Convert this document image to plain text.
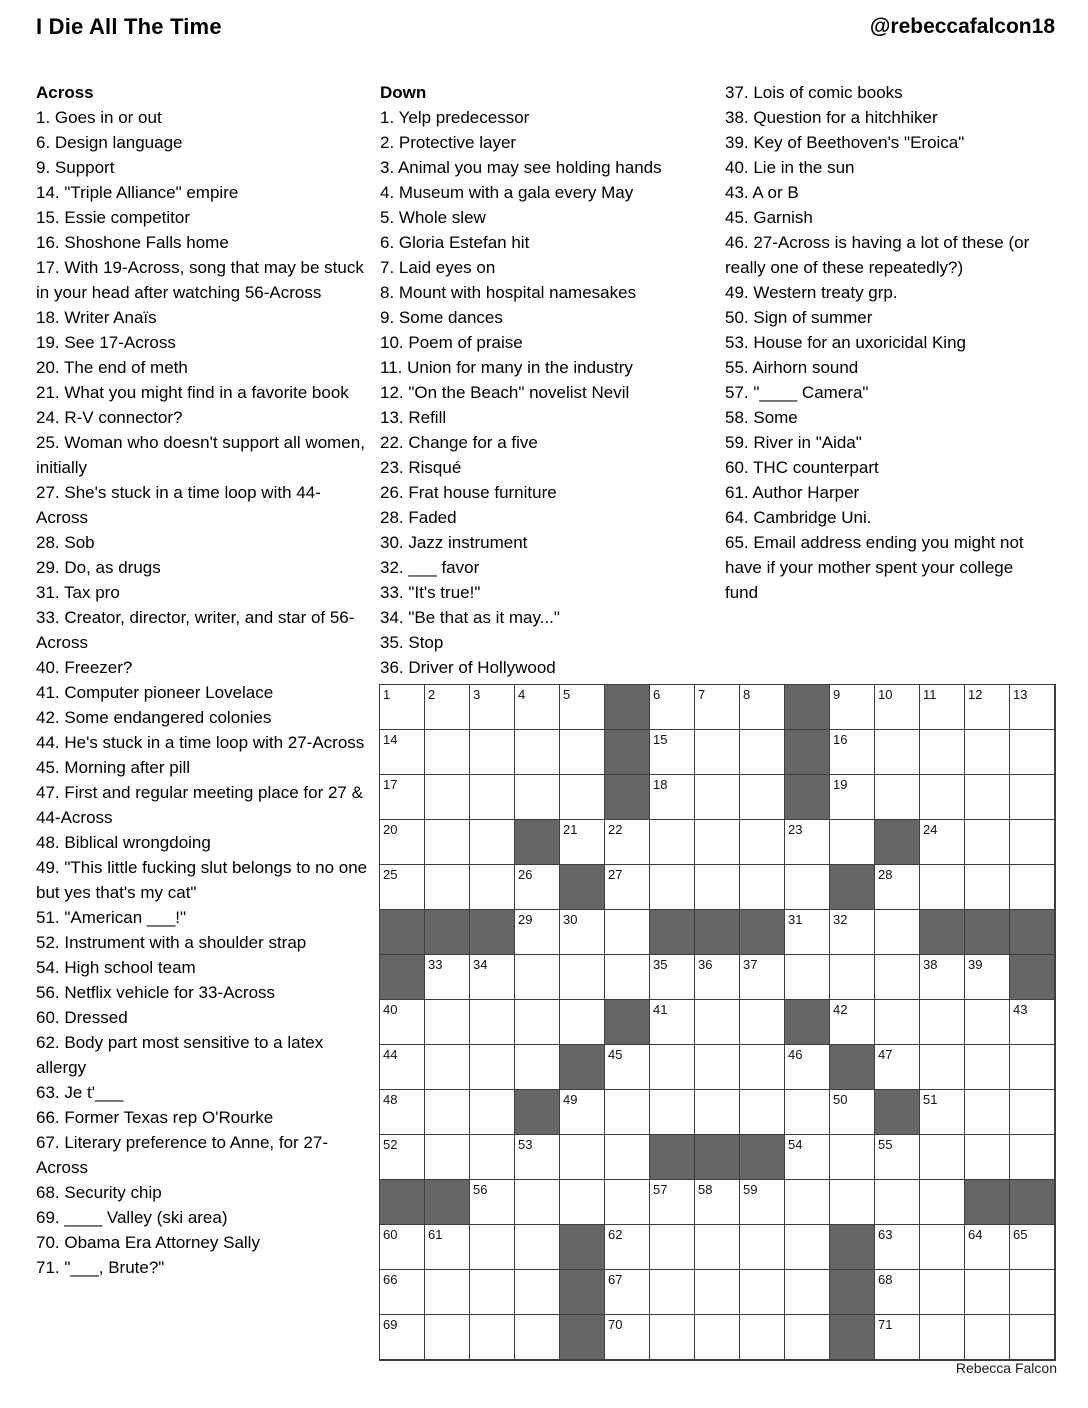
I Die All The Time	@rebeccafalcon18
Across
1. Goes in or out
6. Design language
9. Support
14. "Triple Alliance" empire
15. Essie competitor
16. Shoshone Falls home
17. With 19-Across, song that may be stuck in your head after watching 56-Across
18. Writer Anaïs
19. See 17-Across
20. The end of meth
21. What you might find in a favorite book
24. R-V connector?
25. Woman who doesn't support all women, initially
27. She's stuck in a time loop with 44-Across
28. Sob
29. Do, as drugs
31. Tax pro
33. Creator, director, writer, and star of 56-Across
40. Freezer?
41. Computer pioneer Lovelace
42. Some endangered colonies
44. He's stuck in a time loop with 27-Across
45. Morning after pill
47. First and regular meeting place for 27 & 44-Across
48. Biblical wrongdoing
49. "This little fucking slut belongs to no one but yes that's my cat"
51. "American ___!"
52. Instrument with a shoulder strap
54. High school team
56. Netflix vehicle for 33-Across
60. Dressed
62. Body part most sensitive to a latex allergy
63. Je t'___
66. Former Texas rep O'Rourke
67. Literary preference to Anne, for 27-Across
68. Security chip
69. ____ Valley (ski area)
70. Obama Era Attorney Sally
71. "___, Brute?"
Down
1. Yelp predecessor
2. Protective layer
3. Animal you may see holding hands
4. Museum with a gala every May
5. Whole slew
6. Gloria Estefan hit
7. Laid eyes on
8. Mount with hospital namesakes
9. Some dances
10. Poem of praise
11. Union for many in the industry
12. "On the Beach" novelist Nevil
13. Refill
22. Change for a five
23. Risqué
26. Frat house furniture
28. Faded
30. Jazz instrument
32. ___ favor
33. "It's true!"
34. "Be that as it may..."
35. Stop
36. Driver of Hollywood
37. Lois of comic books
38. Question for a hitchhiker
39. Key of Beethoven's "Eroica"
40. Lie in the sun
43. A or B
45. Garnish
46. 27-Across is having a lot of these (or really one of these repeatedly?)
49. Western treaty grp.
50. Sign of summer
53. House for an uxoricidal King
55. Airhorn sound
57. "____ Camera"
58. Some
59. River in "Aida"
60. THC counterpart
61. Author Harper
64. Cambridge Uni.
65. Email address ending you might not have if your mother spent your college fund
1	2	3	4	5	6	7	8	9	10	11	12	13
14	15	16
17	18	19
20	21	22	23	24
25	26	27	28
29	30	31	32
33	34	35	36	37	38	39
40	41	42	43
44	45	46	47
48	49	50	51
52	53	54	55
56	57	58	59
60	61	62	63	64	65
66	67	68
69	70	71
Rebecca Falcon
